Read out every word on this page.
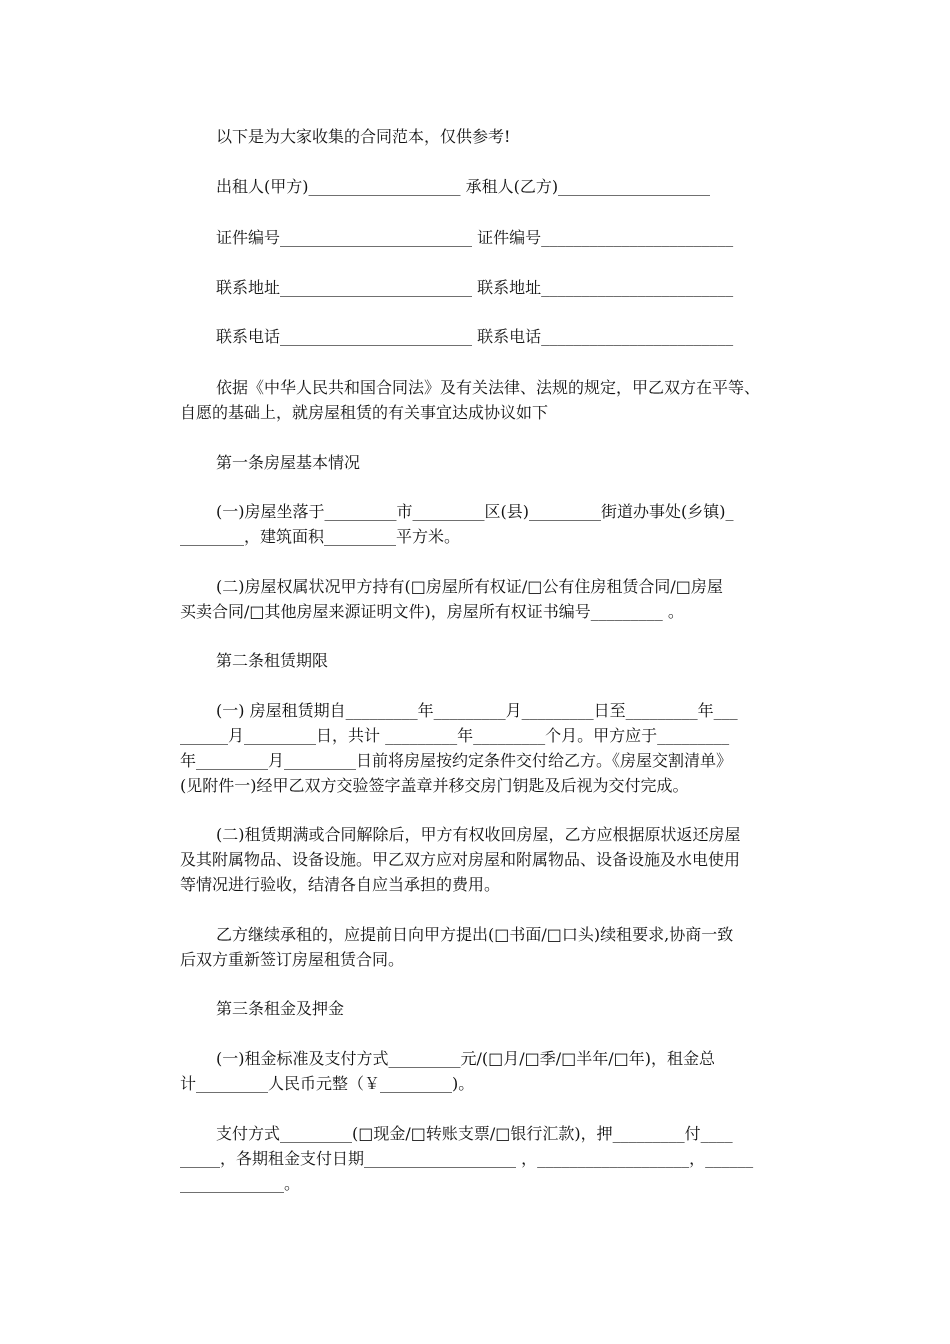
以下是为大家收集的合同范本，仅供参考!

出租人(甲方)___________________ 承租人(乙方)___________________

证件编号________________________ 证件编号________________________

联系地址________________________ 联系地址________________________

联系电话________________________ 联系电话________________________

依据《中华人民共和国合同法》及有关法律、法规的规定，甲乙双方在平等、

自愿的基础上，就房屋租赁的有关事宜达成协议如下

第一条房屋基本情况

(一)房屋坐落于_________市_________区(县)_________街道办事处(乡镇)_

________，建筑面积_________平方米。

(二)房屋权属状况甲方持有(□房屋所有权证/□公有住房租赁合同/□房屋

买卖合同/□其他房屋来源证明文件)，房屋所有权证书编号_________ 。

第二条租赁期限

(一) 房屋租赁期自_________年_________月_________日至_________年___

______月_________日，共计 _________年_________个月。甲方应于_________

年_________月_________日前将房屋按约定条件交付给乙方。《房屋交割清单》

(见附件一)经甲乙双方交验签字盖章并移交房门钥匙及后视为交付完成。

(二)租赁期满或合同解除后，甲方有权收回房屋，乙方应根据原状返还房屋

及其附属物品、设备设施。甲乙双方应对房屋和附属物品、设备设施及水电使用

等情况进行验收，结清各自应当承担的费用。

乙方继续承租的，应提前日向甲方提出(□书面/□口头)续租要求,协商一致

后双方重新签订房屋租赁合同。

第三条租金及押金

(一)租金标准及支付方式_________元/(□月/□季/□半年/□年)，租金总

计_________人民币元整（￥_________)。

支付方式_________(□现金/□转账支票/□银行汇款)，押_________付____

_____，各期租金支付日期___________________ ，___________________，______

_____________。
